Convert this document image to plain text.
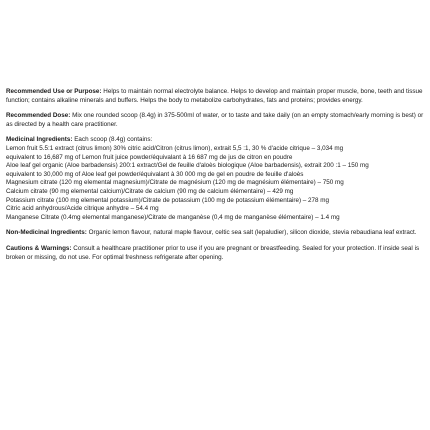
Recommended Use or Purpose: Helps to maintain normal electrolyte balance. Helps to develop and maintain proper muscle, bone, teeth and tissue function; contains alkaline minerals and buffers. Helps the body to metabolize carbohydrates, fats and proteins; provides energy.

Recommended Dose: Mix one rounded scoop (8.4g) in 375-500ml of water, or to taste and take daily (on an empty stomach/early morning is best) or as directed by a health care practitioner.

Medicinal Ingredients: Each scoop (8.4g) contains:
Lemon fruit 5.5:1 extract (citrus limon) 30% citric acid/Citron (citrus limon), extrait 5,5 :1, 30 % d'acide citrique – 3,034 mg
equivalent to 16,687 mg of Lemon fruit juice powder/équivalant à 16 687 mg de jus de citron en poudre
Aloe leaf gel organic (Aloe barbadensis) 200:1 extract/Gel de feuille d'aloès biologique (Aloe barbadensis), extrait 200 :1 – 150 mg
equivalent to 30,000 mg of Aloe leaf gel powder/équivalant à 30 000 mg de gel en poudre de feuille d'aloès
Magnesium citrate (120 mg elemental magnesium)/Citrate de magnésium (120 mg de magnésium élémentaire) – 750 mg
Calcium citrate (90 mg elemental calcium)/Citrate de calcium (90 mg de calcium élémentaire) – 429 mg
Potassium citrate (100 mg elemental potassium)/Citrate de potassium (100 mg de potassium élémentaire) – 278 mg
Citric acid anhydrous/Acide citrique anhydre – 54.4 mg
Manganese Citrate (0.4mg elemental manganese)/Citrate de manganèse (0,4 mg de manganèse élémentaire) – 1.4 mg

Non-Medicinal Ingredients: Organic lemon flavour, natural maple flavour, celtic sea salt (lepaludier), silicon dioxide, stevia rebaudiana leaf extract.

Cautions & Warnings: Consult a healthcare practitioner prior to use if you are pregnant or breastfeeding. Sealed for your protection. If inside seal is broken or missing, do not use. For optimal freshness refrigerate after opening.
